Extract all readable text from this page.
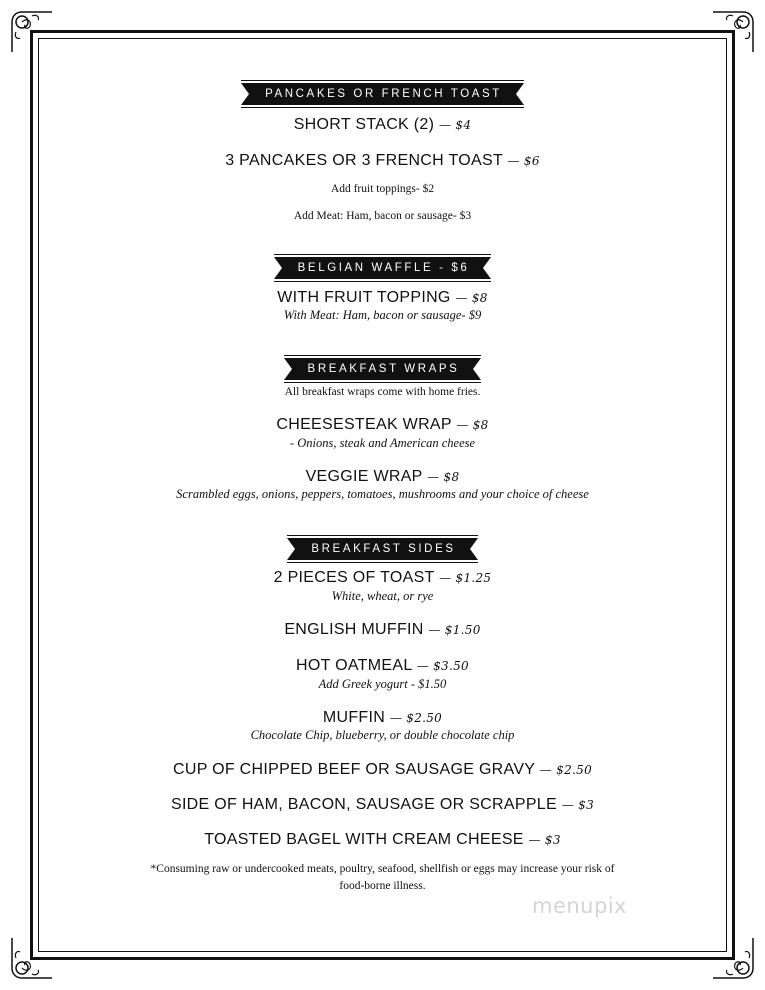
PANCAKES OR FRENCH TOAST
SHORT STACK (2) — $4
3 PANCAKES OR 3 FRENCH TOAST — $6
Add fruit toppings- $2
Add Meat: Ham, bacon or sausage- $3
BELGIAN WAFFLE - $6
WITH FRUIT TOPPING — $8
With Meat: Ham, bacon or sausage- $9
BREAKFAST WRAPS
All breakfast wraps come with home fries.
CHEESESTEAK WRAP — $8
- Onions, steak and American cheese
VEGGIE WRAP — $8
Scrambled eggs, onions, peppers, tomatoes, mushrooms and your choice of cheese
BREAKFAST SIDES
2 PIECES OF TOAST — $1.25
White, wheat, or rye
ENGLISH MUFFIN — $1.50
HOT OATMEAL — $3.50
Add Greek yogurt - $1.50
MUFFIN — $2.50
Chocolate Chip, blueberry, or double chocolate chip
CUP OF CHIPPED BEEF OR SAUSAGE GRAVY — $2.50
SIDE OF HAM, BACON, SAUSAGE OR SCRAPPLE — $3
TOASTED BAGEL WITH CREAM CHEESE — $3
*Consuming raw or undercooked meats, poultry, seafood, shellfish or eggs may increase your risk of
food-borne illness.
menupix
